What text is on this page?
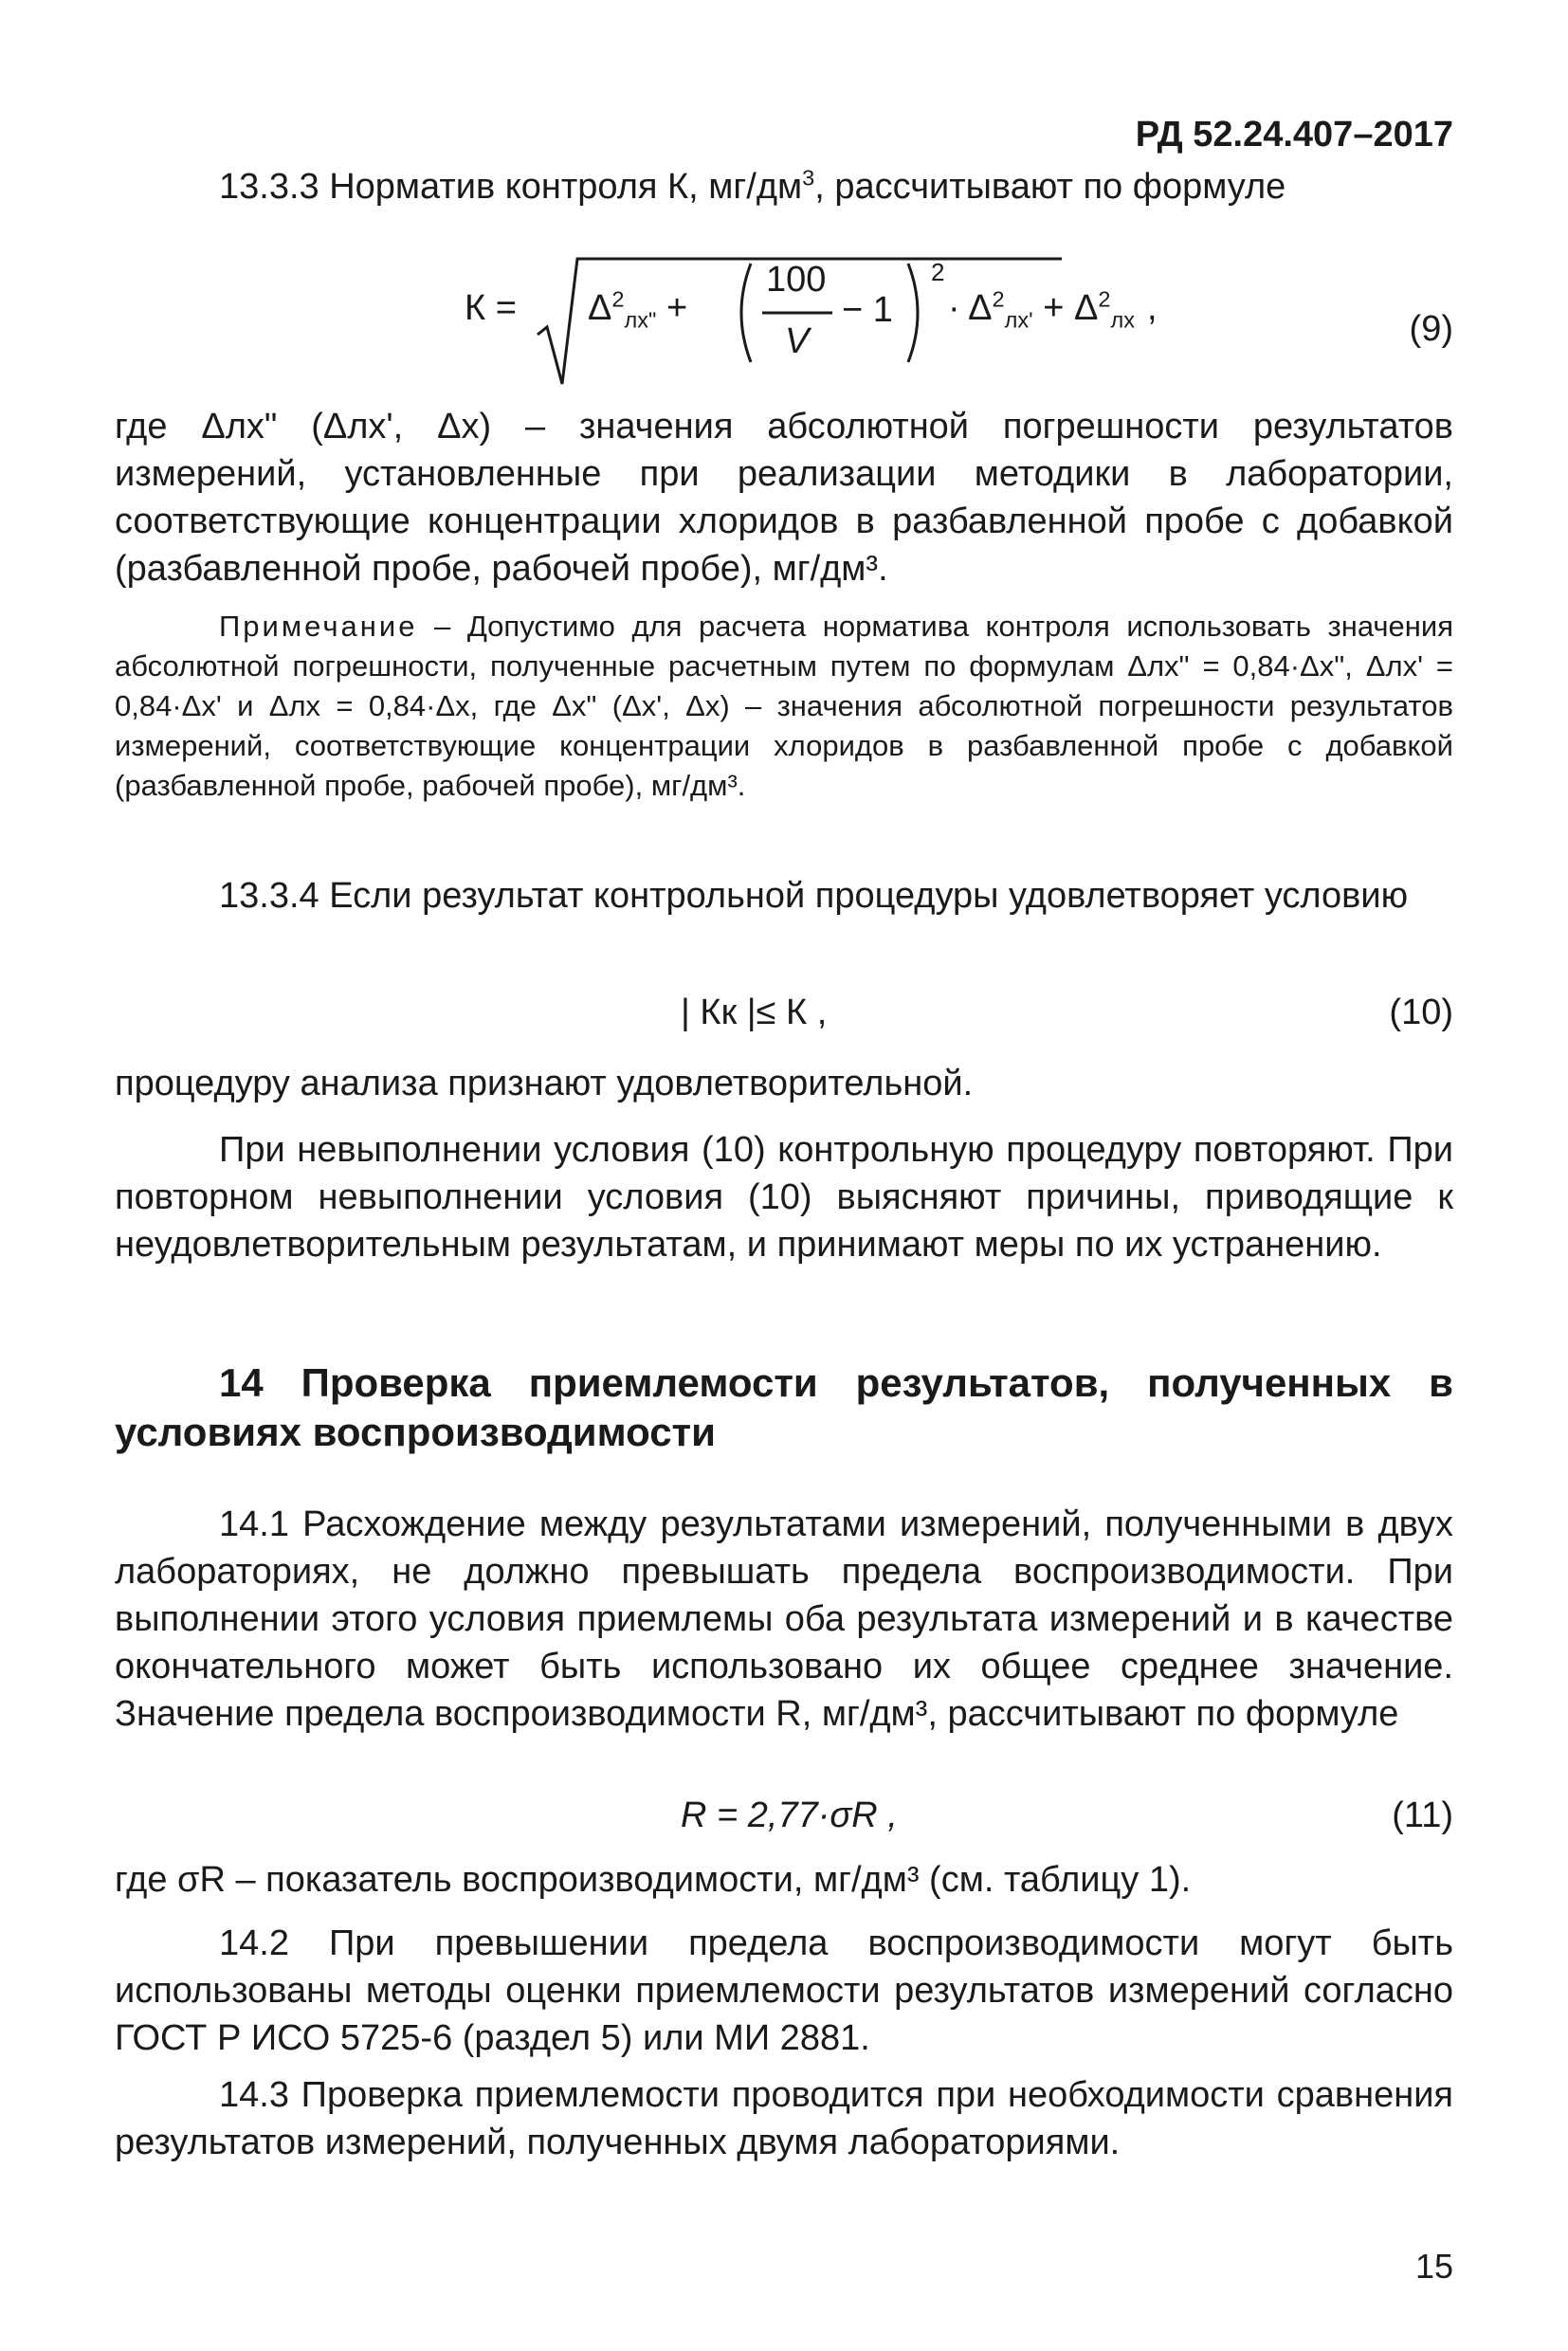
РД 52.24.407–2017
13.3.3 Норматив контроля К, $мг/дм^3$, рассчитывают по формуле
$К = \Delta^2_{лх"}$ +
100
V
− 1
2
· $\Delta^2_{лх'} + \Delta^2_{лх}$ ,
(9)
где Δлх" (Δлх', Δх) – значения абсолютной погрешности результатов измерений, установленные при реализации методики в лаборатории, соответствующие концентрации хлоридов в разбавленной пробе с добавкой (разбавленной пробе, рабочей пробе), мг/дм³.
Примечание – Допустимо для расчета норматива контроля использовать значения абсолютной погрешности, полученные расчетным путем по формулам Δлх" = 0,84·Δх", Δлх' = 0,84·Δх' и Δлх = 0,84·Δх, где Δх" (Δх', Δх) – значения абсолютной погрешности результатов измерений, соответствующие концентрации хлоридов в разбавленной пробе с добавкой (разбавленной пробе, рабочей пробе), мг/дм³.
13.3.4 Если результат контрольной процедуры удовлетворяет условию
| Кк |≤ К ,	(10)
процедуру анализа признают удовлетворительной.
При невыполнении условия (10) контрольную процедуру повторяют. При повторном невыполнении условия (10) выясняют причины, приводящие к неудовлетворительным результатам, и принимают меры по их устранению.
14 Проверка приемлемости результатов, полученных в условиях воспроизводимости
14.1 Расхождение между результатами измерений, полученными в двух лабораториях, не должно превышать предела воспроизводимости. При выполнении этого условия приемлемы оба результата измерений и в качестве окончательного может быть использовано их общее среднее значение. Значение предела воспроизводимости R, мг/дм³, рассчитывают по формуле
R = 2,77·σR ,	(11)
где σR – показатель воспроизводимости, мг/дм³ (см. таблицу 1).
14.2 При превышении предела воспроизводимости могут быть использованы методы оценки приемлемости результатов измерений согласно ГОСТ Р ИСО 5725-6 (раздел 5) или МИ 2881.
14.3 Проверка приемлемости проводится при необходимости сравнения результатов измерений, полученных двумя лабораториями.
15
